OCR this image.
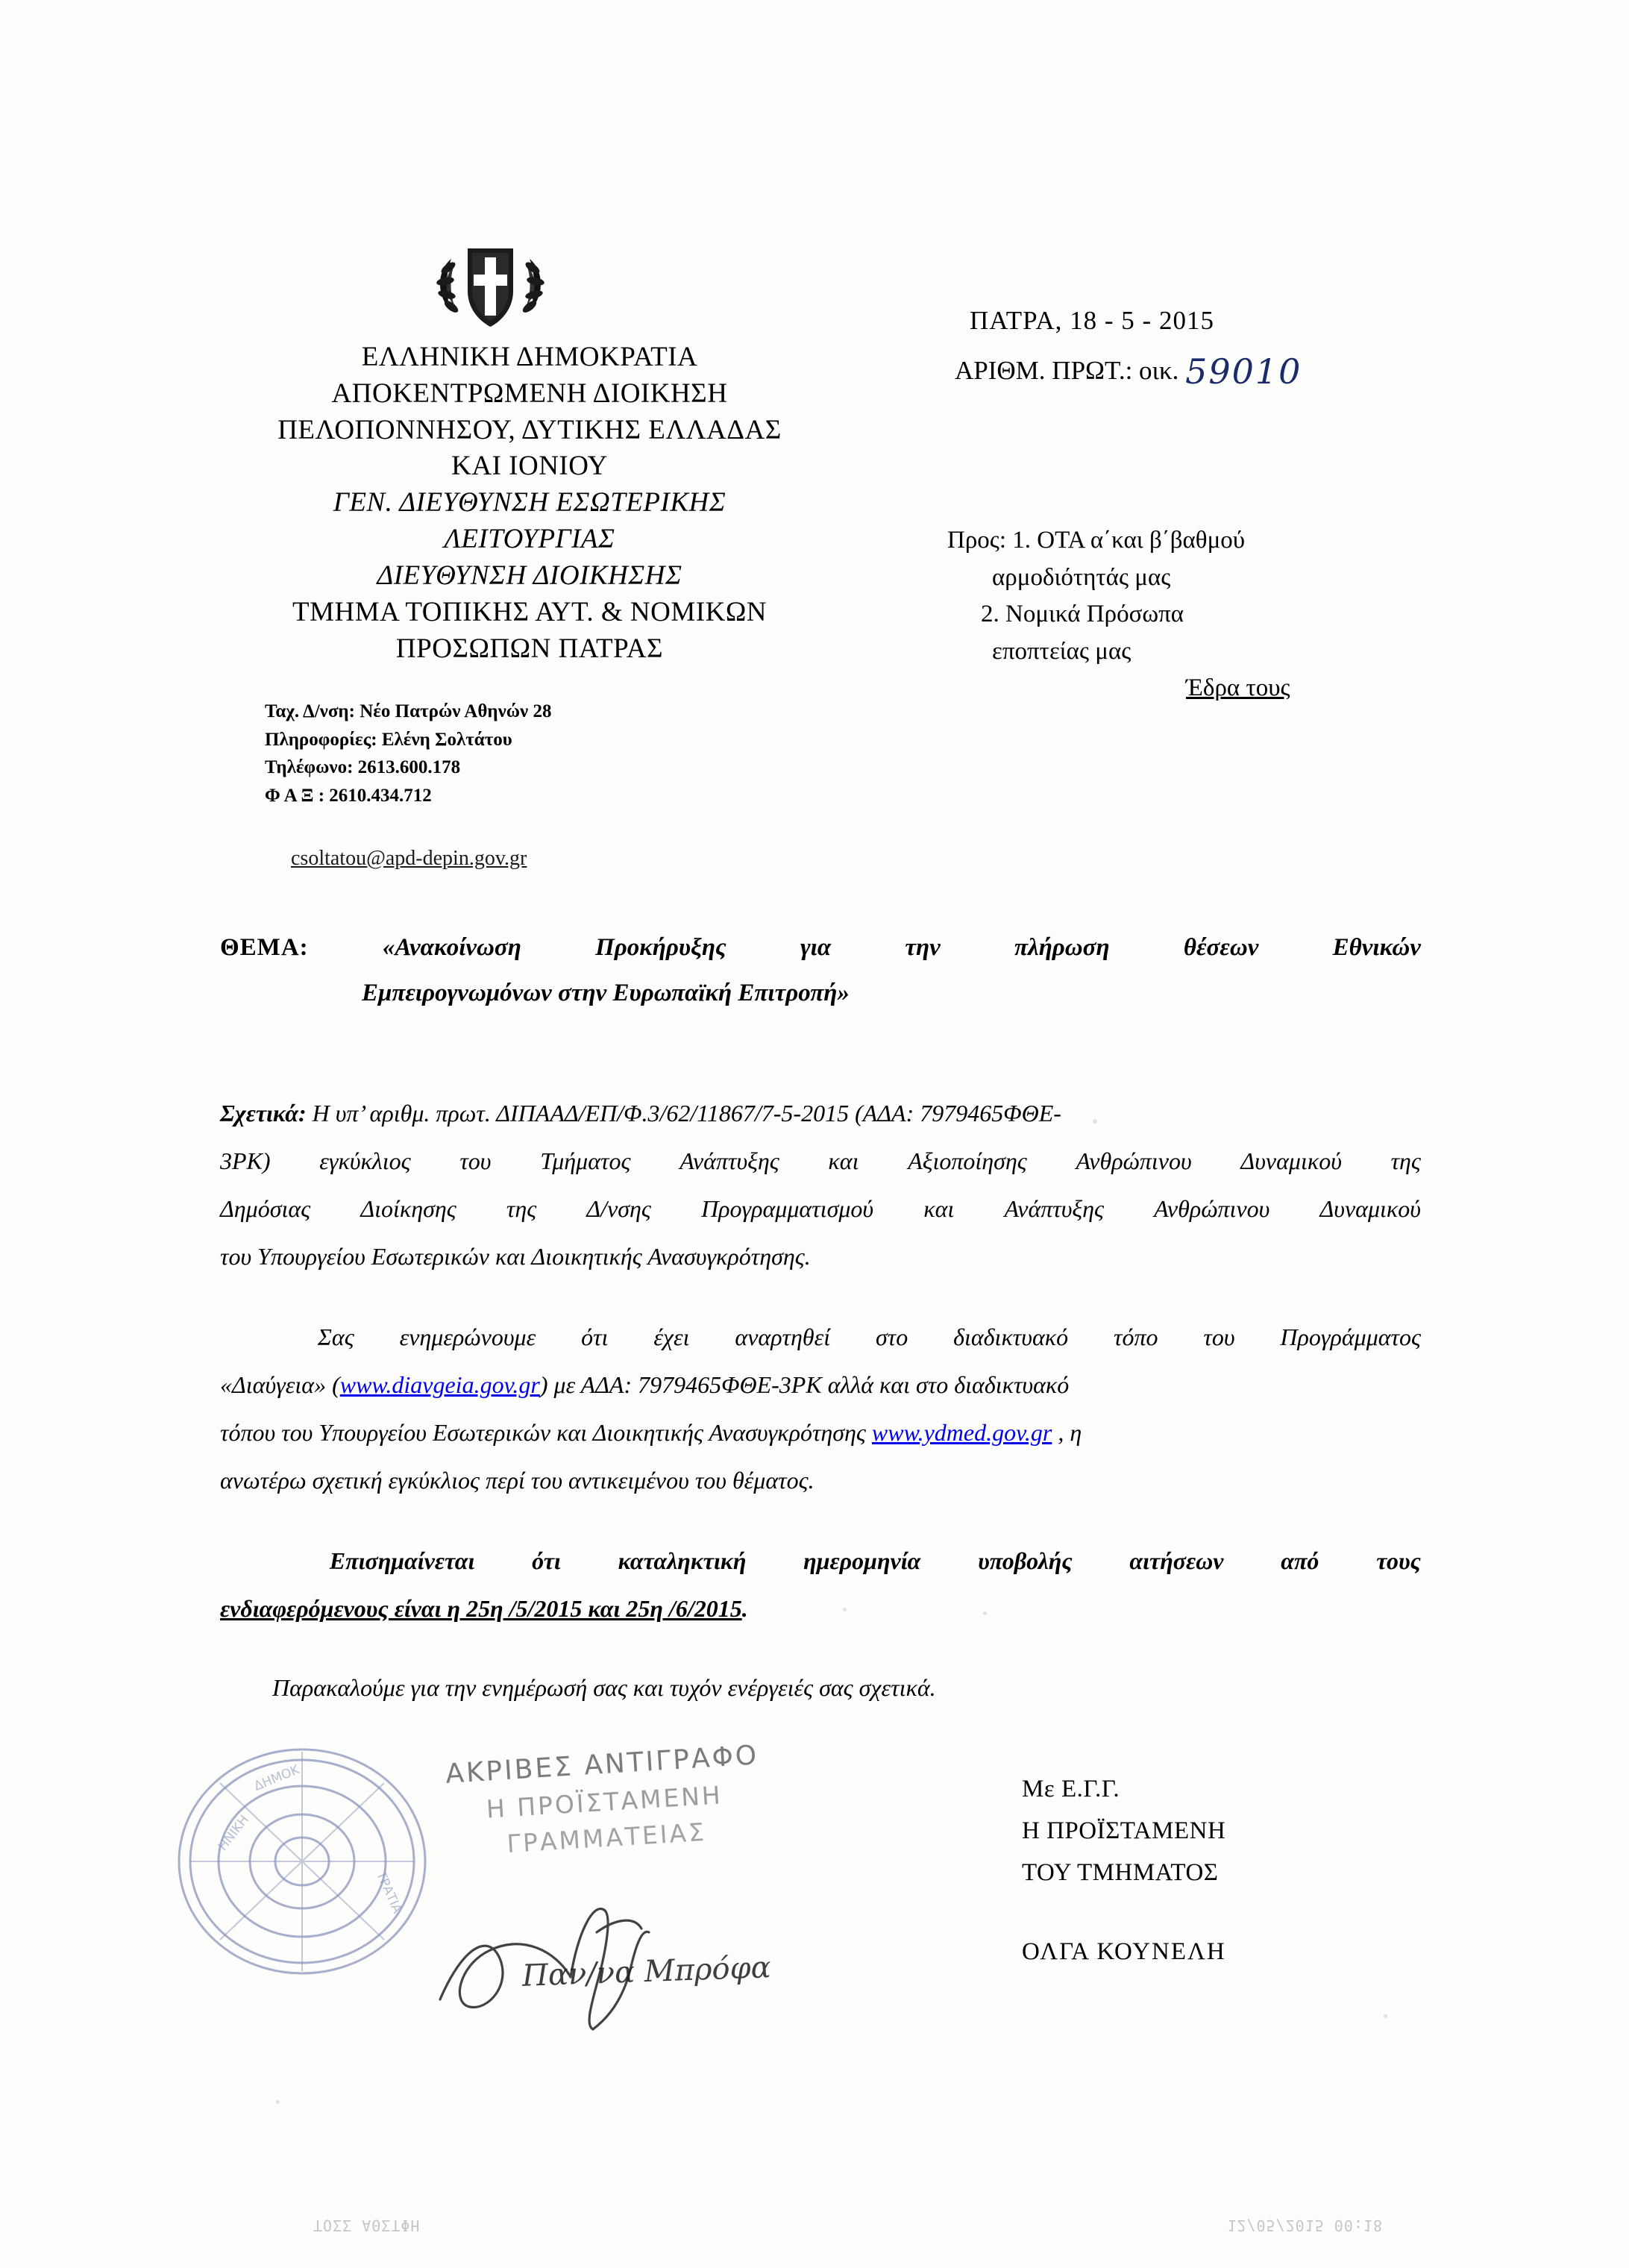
ΕΛΛΗΝΙΚΗ ΔΗΜΟΚΡΑΤΙΑ
ΑΠΟΚΕΝΤΡΩΜΕΝΗ ΔΙΟΙΚΗΣΗ
ΠΕΛΟΠΟΝΝΗΣΟΥ, ΔΥΤΙΚΗΣ ΕΛΛΑΔΑΣ
ΚΑΙ ΙΟΝΙΟΥ
ΓΕΝ. ΔΙΕΥΘΥΝΣΗ ΕΣΩΤΕΡΙΚΗΣ
ΛΕΙΤΟΥΡΓΙΑΣ
ΔΙΕΥΘΥΝΣΗ ΔΙΟΙΚΗΣΗΣ
ΤΜΗΜΑ ΤΟΠΙΚΗΣ ΑΥΤ. & ΝΟΜΙΚΩΝ
ΠΡΟΣΩΠΩΝ ΠΑΤΡΑΣ
Ταχ. Δ/νση: Νέο Πατρών Αθηνών 28
Πληροφορίες: Ελένη Σολτάτου
Τηλέφωνο: 2613.600.178
Φ Α Ξ : 2610.434.712
csoltatou@apd-depin.gov.gr
ΠΑΤΡΑ, 18 - 5 - 2015
ΑΡΙΘΜ. ΠΡΩΤ.: οικ. 59010
Προς: 1. ΟΤΑ α΄και β΄βαθμού
αρμοδιότητάς μας
2. Νομικά Πρόσωπα
εποπτείας μας
Έδρα τους
ΘΕΜΑ:	«Ανακοίνωση	Προκήρυξης	για	την	πλήρωση	θέσεων	Εθνικών
Εμπειρογνωμόνων στην Ευρωπαϊκή Επιτροπή»
Σχετικά: Η υπ’ αριθμ. πρωτ. ΔΙΠΑΑΔ/ΕΠ/Φ.3/62/11867/7-5-2015 (ΑΔΑ: 7979465ΦΘΕ-
3ΡΚ) εγκύκλιος του Τμήματος Ανάπτυξης και Αξιοποίησης Ανθρώπινου Δυναμικού της
Δημόσιας Διοίκησης της Δ/νσης Προγραμματισμού και Ανάπτυξης Ανθρώπινου Δυναμικού
του Υπουργείου Εσωτερικών και Διοικητικής Ανασυγκρότησης.
Σας ενημερώνουμε ότι έχει αναρτηθεί στο διαδικτυακό τόπο του Προγράμματος
«Διαύγεια» (www.diavgeia.gov.gr) με ΑΔΑ: 7979465ΦΘΕ-3ΡΚ αλλά και στο διαδικτυακό
τόπου του Υπουργείου Εσωτερικών και Διοικητικής Ανασυγκρότησης www.ydmed.gov.gr , η
ανωτέρω σχετική εγκύκλιος περί του αντικειμένου του θέματος.
Επισημαίνεται ότι καταληκτική ημερομηνία υποβολής αιτήσεων από τους
ενδιαφερόμενους είναι η 25η /5/2015 και 25η /6/2015.
Παρακαλούμε για την ενημέρωσή σας και τυχόν ενέργειές σας σχετικά.
Με Ε.Γ.Γ.
Η ΠΡΟΪΣΤΑΜΕΝΗ
ΤΟΥ ΤΜΗΜΑΤΟΣ
ΟΛΓΑ ΚΟΥΝΕΛΗ
ΗΝΙΚΗ
ΔΗΜΟΚ
ΤΡΑΤΙΑ
ΑΚΡΙΒΕΣ ΑΝΤΙΓΡΑΦΟ
Η ΠΡΟΪΣΤΑΜΕΝΗ
ΓΡΑΜΜΑΤΕΙΑΣ
Παν/να Μπρόφα
ΤΟΣΣ ΑΘΣΤΦΗ	12/05/2015 00:18
